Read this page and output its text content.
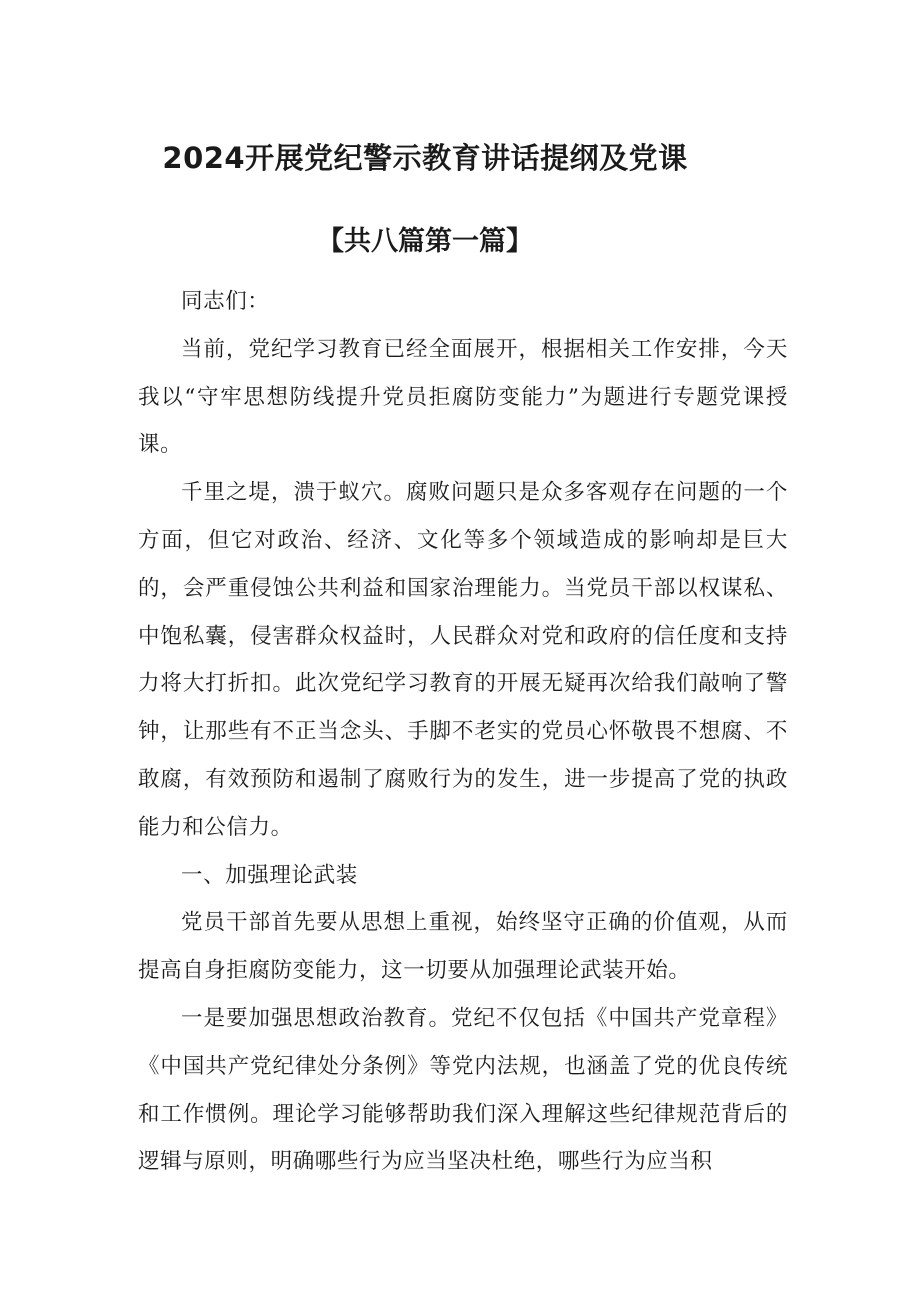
2024开展党纪警示教育讲话提纲及党课
【共八篇第一篇】

同志们：

当前，党纪学习教育已经全面展开，根据相关工作安排，今天我以“守牢思想防线提升党员拒腐防变能力”为题进行专题党课授课。

千里之堤，溃于蚁穴。腐败问题只是众多客观存在问题的一个方面，但它对政治、经济、文化等多个领域造成的影响却是巨大的，会严重侵蚀公共利益和国家治理能力。当党员干部以权谋私、中饱私囊，侵害群众权益时，人民群众对党和政府的信任度和支持力将大打折扣。此次党纪学习教育的开展无疑再次给我们敲响了警钟，让那些有不正当念头、手脚不老实的党员心怀敬畏不想腐、不敢腐，有效预防和遏制了腐败行为的发生，进一步提高了党的执政能力和公信力。

一、加强理论武装

党员干部首先要从思想上重视，始终坚守正确的价值观，从而提高自身拒腐防变能力，这一切要从加强理论武装开始。

一是要加强思想政治教育。党纪不仅包括《中国共产党章程》《中国共产党纪律处分条例》等党内法规，也涵盖了党的优良传统和工作惯例。理论学习能够帮助我们深入理解这些纪律规范背后的逻辑与原则，明确哪些行为应当坚决杜绝，哪些行为应当积
